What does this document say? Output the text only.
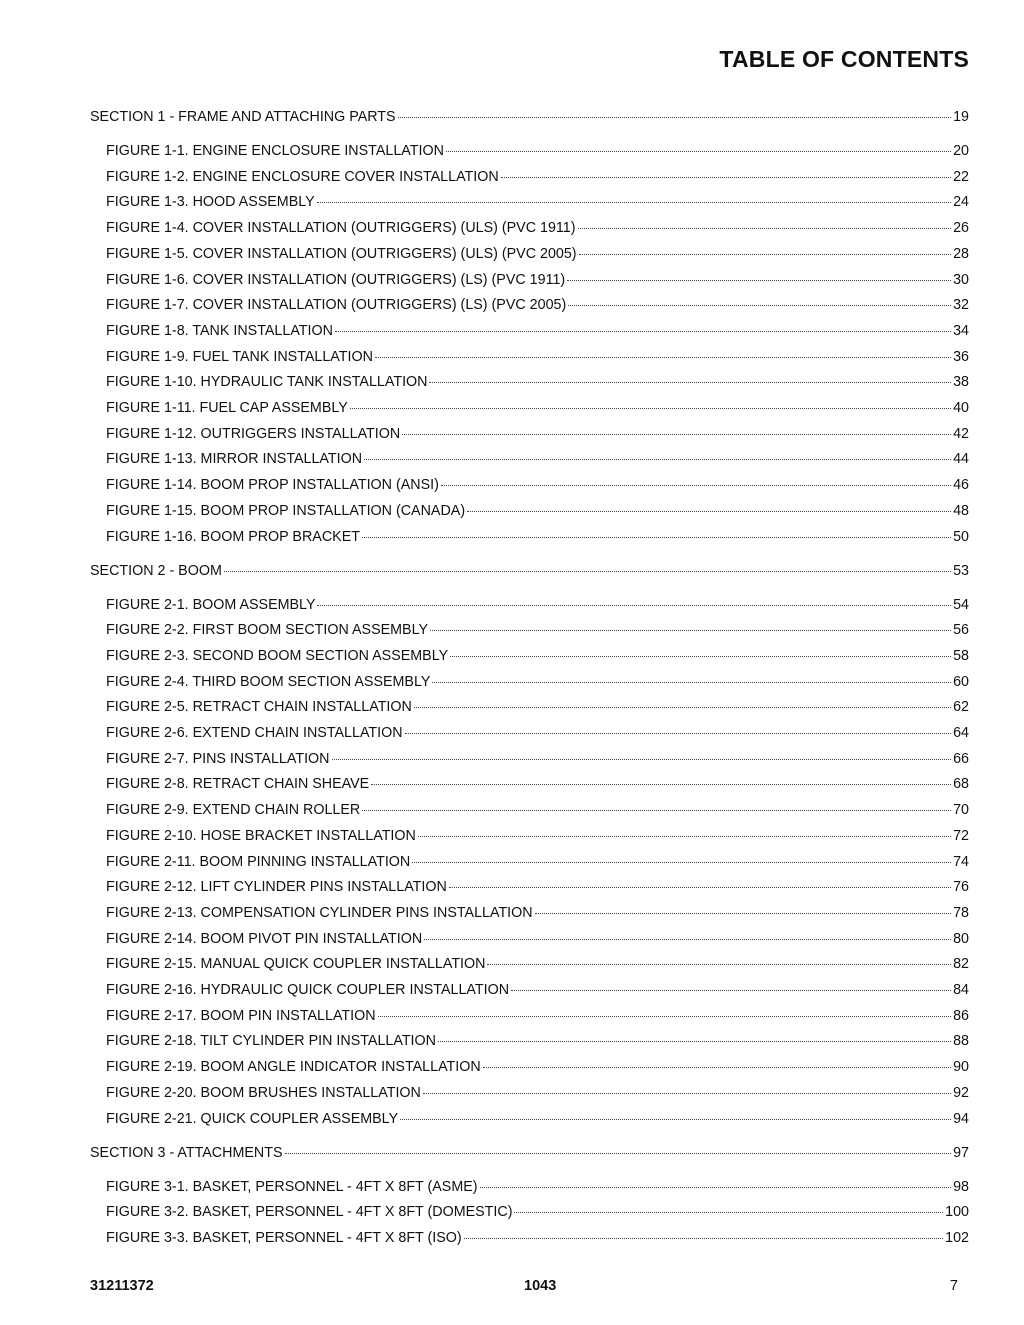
TABLE OF CONTENTS
SECTION 1 - FRAME AND ATTACHING PARTS	19
FIGURE 1-1. ENGINE ENCLOSURE INSTALLATION	20
FIGURE 1-2. ENGINE ENCLOSURE COVER INSTALLATION	22
FIGURE 1-3. HOOD ASSEMBLY	24
FIGURE 1-4. COVER INSTALLATION (OUTRIGGERS) (ULS) (PVC 1911)	26
FIGURE 1-5. COVER INSTALLATION (OUTRIGGERS) (ULS) (PVC 2005)	28
FIGURE 1-6. COVER INSTALLATION (OUTRIGGERS) (LS) (PVC 1911)	30
FIGURE 1-7. COVER INSTALLATION (OUTRIGGERS) (LS) (PVC 2005)	32
FIGURE 1-8. TANK INSTALLATION	34
FIGURE 1-9. FUEL TANK INSTALLATION	36
FIGURE 1-10. HYDRAULIC TANK INSTALLATION	38
FIGURE 1-11. FUEL CAP ASSEMBLY	40
FIGURE 1-12. OUTRIGGERS INSTALLATION	42
FIGURE 1-13. MIRROR INSTALLATION	44
FIGURE 1-14. BOOM PROP INSTALLATION (ANSI)	46
FIGURE 1-15. BOOM PROP INSTALLATION (CANADA)	48
FIGURE 1-16. BOOM PROP BRACKET	50
SECTION 2 - BOOM	53
FIGURE 2-1. BOOM ASSEMBLY	54
FIGURE 2-2. FIRST BOOM SECTION ASSEMBLY	56
FIGURE 2-3. SECOND BOOM SECTION ASSEMBLY	58
FIGURE 2-4. THIRD BOOM SECTION ASSEMBLY	60
FIGURE 2-5. RETRACT CHAIN INSTALLATION	62
FIGURE 2-6. EXTEND CHAIN INSTALLATION	64
FIGURE 2-7. PINS INSTALLATION	66
FIGURE 2-8. RETRACT CHAIN SHEAVE	68
FIGURE 2-9. EXTEND CHAIN ROLLER	70
FIGURE 2-10. HOSE BRACKET INSTALLATION	72
FIGURE 2-11. BOOM PINNING INSTALLATION	74
FIGURE 2-12. LIFT CYLINDER PINS INSTALLATION	76
FIGURE 2-13. COMPENSATION CYLINDER PINS INSTALLATION	78
FIGURE 2-14. BOOM PIVOT PIN INSTALLATION	80
FIGURE 2-15. MANUAL QUICK COUPLER INSTALLATION	82
FIGURE 2-16. HYDRAULIC QUICK COUPLER INSTALLATION	84
FIGURE 2-17. BOOM PIN INSTALLATION	86
FIGURE 2-18. TILT CYLINDER PIN INSTALLATION	88
FIGURE 2-19. BOOM ANGLE INDICATOR INSTALLATION	90
FIGURE 2-20. BOOM BRUSHES INSTALLATION	92
FIGURE 2-21. QUICK COUPLER ASSEMBLY	94
SECTION 3 - ATTACHMENTS	97
FIGURE 3-1. BASKET, PERSONNEL - 4FT X 8FT (ASME)	98
FIGURE 3-2. BASKET, PERSONNEL - 4FT X 8FT (DOMESTIC)	100
FIGURE 3-3. BASKET, PERSONNEL - 4FT X 8FT (ISO)	102
31211372	1043	7
